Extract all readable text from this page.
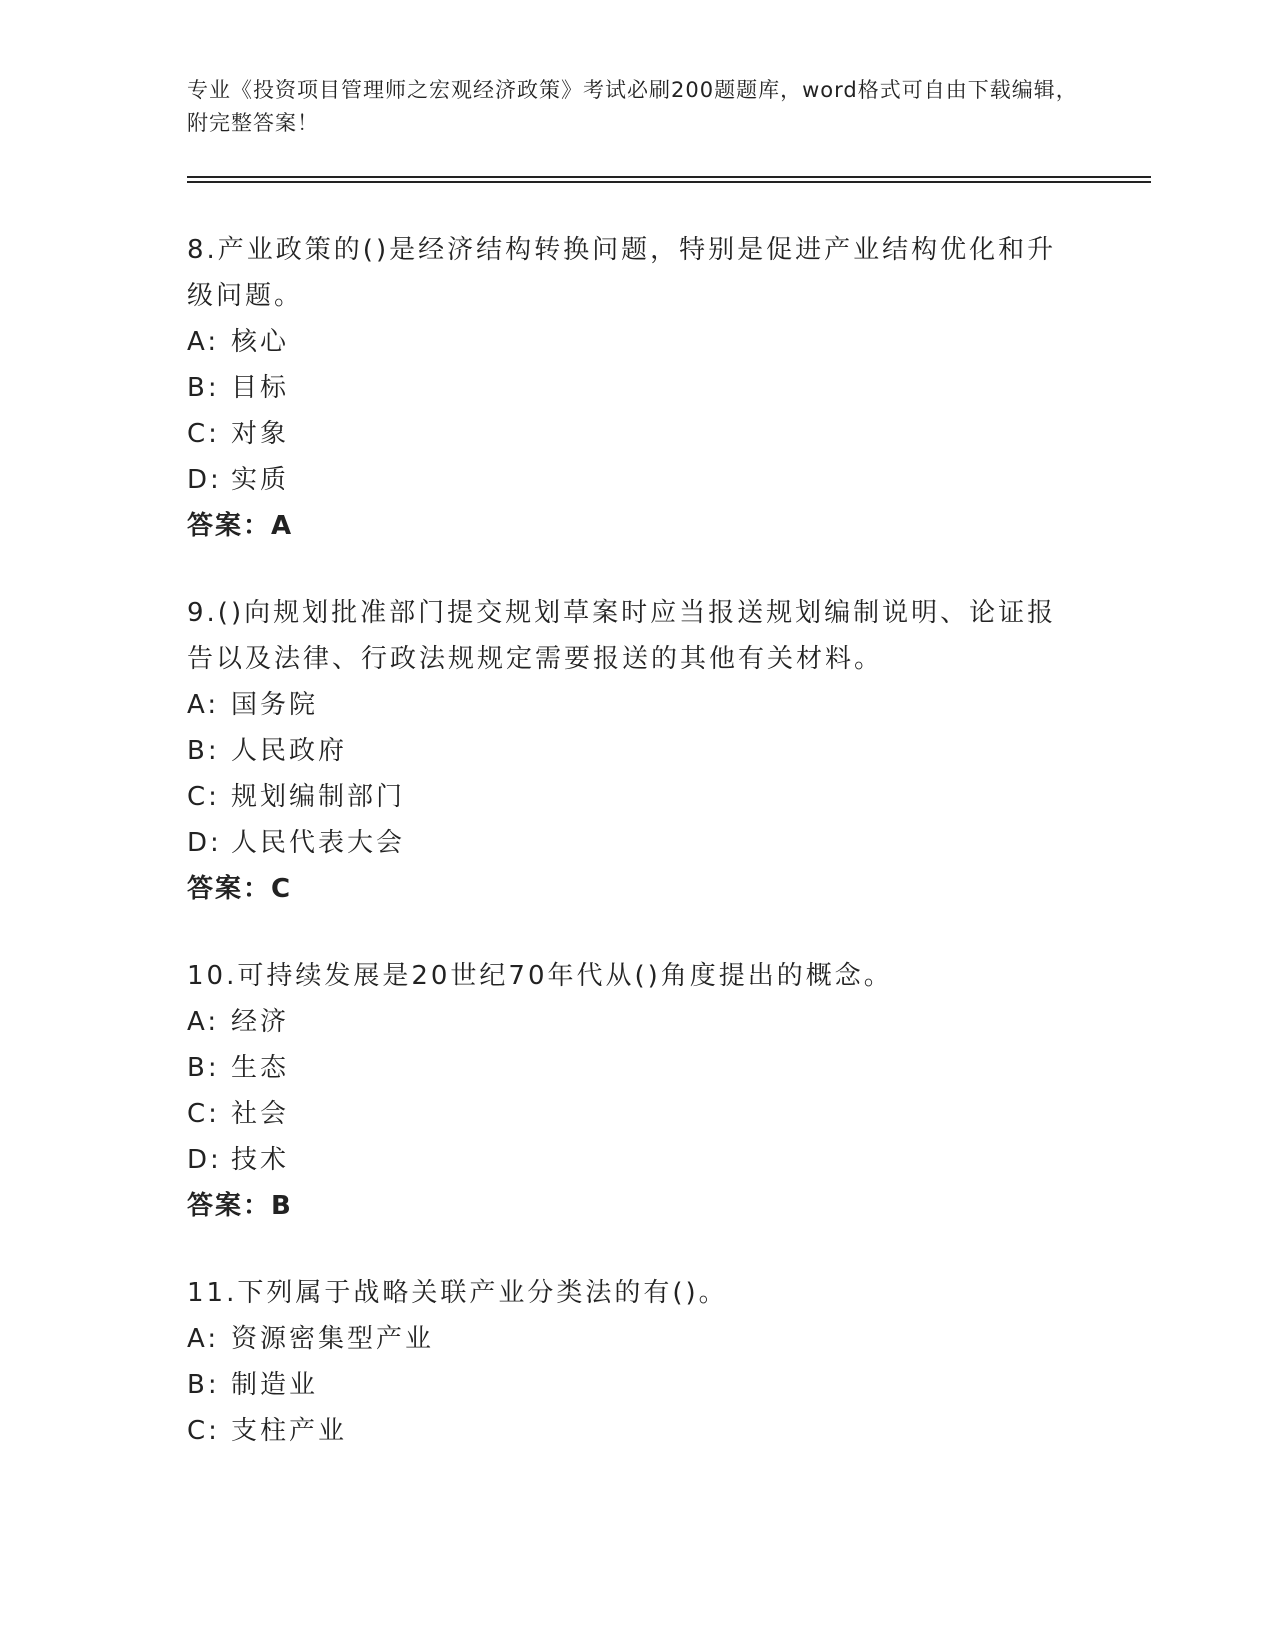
专业《投资项目管理师之宏观经济政策》考试必刷200题题库，word格式可自由下载编辑，附完整答案！
8.产业政策的()是经济结构转换问题，特别是促进产业结构优化和升级问题。
A: 核心
B: 目标
C: 对象
D: 实质
答案：A
9.()向规划批准部门提交规划草案时应当报送规划编制说明、论证报告以及法律、行政法规规定需要报送的其他有关材料。
A: 国务院
B: 人民政府
C: 规划编制部门
D: 人民代表大会
答案：C
10.可持续发展是20世纪70年代从()角度提出的概念。
A: 经济
B: 生态
C: 社会
D: 技术
答案：B
11.下列属于战略关联产业分类法的有()。
A: 资源密集型产业
B: 制造业
C: 支柱产业
